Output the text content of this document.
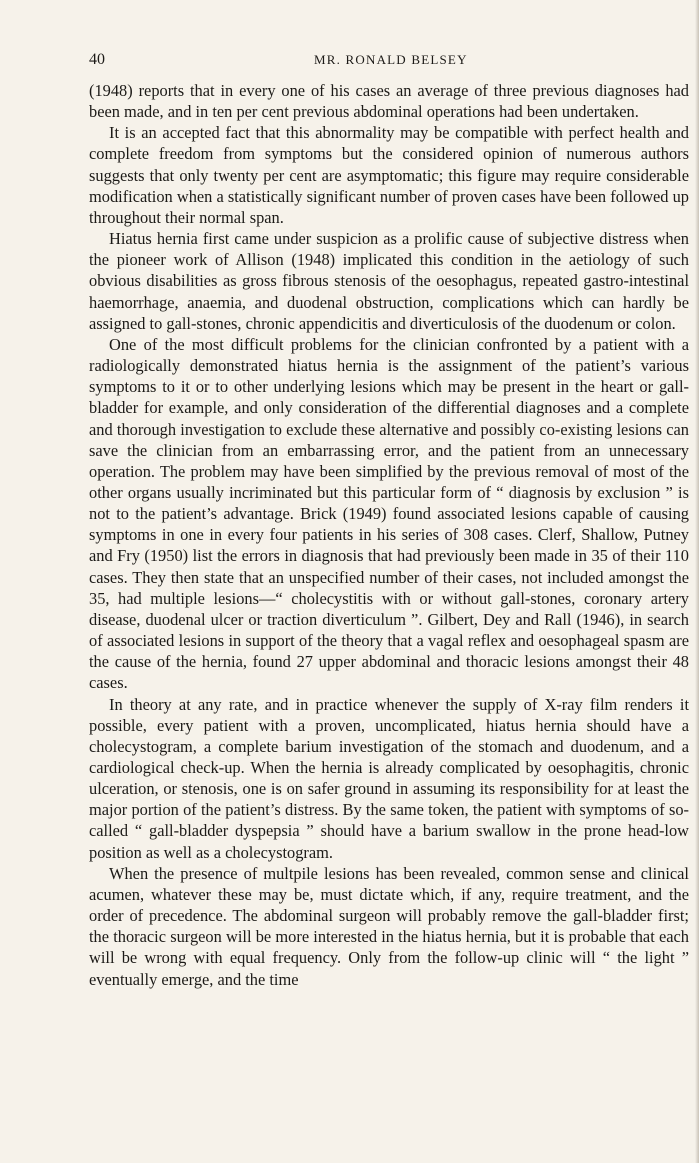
40	MR. RONALD BELSEY

(1948) reports that in every one of his cases an average of three previous diagnoses had been made, and in ten per cent previous abdominal operations had been undertaken.

It is an accepted fact that this abnormality may be compatible with perfect health and complete freedom from symptoms but the considered opinion of numerous authors suggests that only twenty per cent are asymptomatic; this figure may require considerable modification when a statistically significant number of proven cases have been followed up throughout their normal span.

Hiatus hernia first came under suspicion as a prolific cause of subjective distress when the pioneer work of Allison (1948) implicated this condition in the aetiology of such obvious disabilities as gross fibrous stenosis of the oesophagus, repeated gastro-intestinal haemorrhage, anaemia, and duodenal obstruction, complications which can hardly be assigned to gall-stones, chronic appendicitis and diverticulosis of the duodenum or colon.

One of the most difficult problems for the clinician confronted by a patient with a radiologically demonstrated hiatus hernia is the assignment of the patient’s various symptoms to it or to other underlying lesions which may be present in the heart or gall-bladder for example, and only consideration of the differential diagnoses and a complete and thorough investigation to exclude these alternative and possibly co-existing lesions can save the clinician from an embarrassing error, and the patient from an unnecessary operation. The problem may have been simplified by the previous removal of most of the other organs usually incriminated but this particular form of “ diagnosis by exclusion ” is not to the patient’s advantage. Brick (1949) found associated lesions capable of causing symptoms in one in every four patients in his series of 308 cases. Clerf, Shallow, Putney and Fry (1950) list the errors in diagnosis that had previously been made in 35 of their 110 cases. They then state that an unspecified number of their cases, not included amongst the 35, had multiple lesions—“ cholecystitis with or without gall-stones, coronary artery disease, duodenal ulcer or traction diverticulum ”. Gilbert, Dey and Rall (1946), in search of associated lesions in support of the theory that a vagal reflex and oesophageal spasm are the cause of the hernia, found 27 upper abdominal and thoracic lesions amongst their 48 cases.

In theory at any rate, and in practice whenever the supply of X-ray film renders it possible, every patient with a proven, uncomplicated, hiatus hernia should have a cholecystogram, a complete barium investigation of the stomach and duodenum, and a cardiological check-up. When the hernia is already complicated by oesophagitis, chronic ulceration, or stenosis, one is on safer ground in assuming its responsibility for at least the major portion of the patient’s distress. By the same token, the patient with symptoms of so-called “ gall-bladder dyspepsia ” should have a barium swallow in the prone head-low position as well as a cholecystogram.

When the presence of multpile lesions has been revealed, common sense and clinical acumen, whatever these may be, must dictate which, if any, require treatment, and the order of precedence. The abdominal surgeon will probably remove the gall-bladder first; the thoracic surgeon will be more interested in the hiatus hernia, but it is probable that each will be wrong with equal frequency. Only from the follow-up clinic will “ the light ” eventually emerge, and the time
